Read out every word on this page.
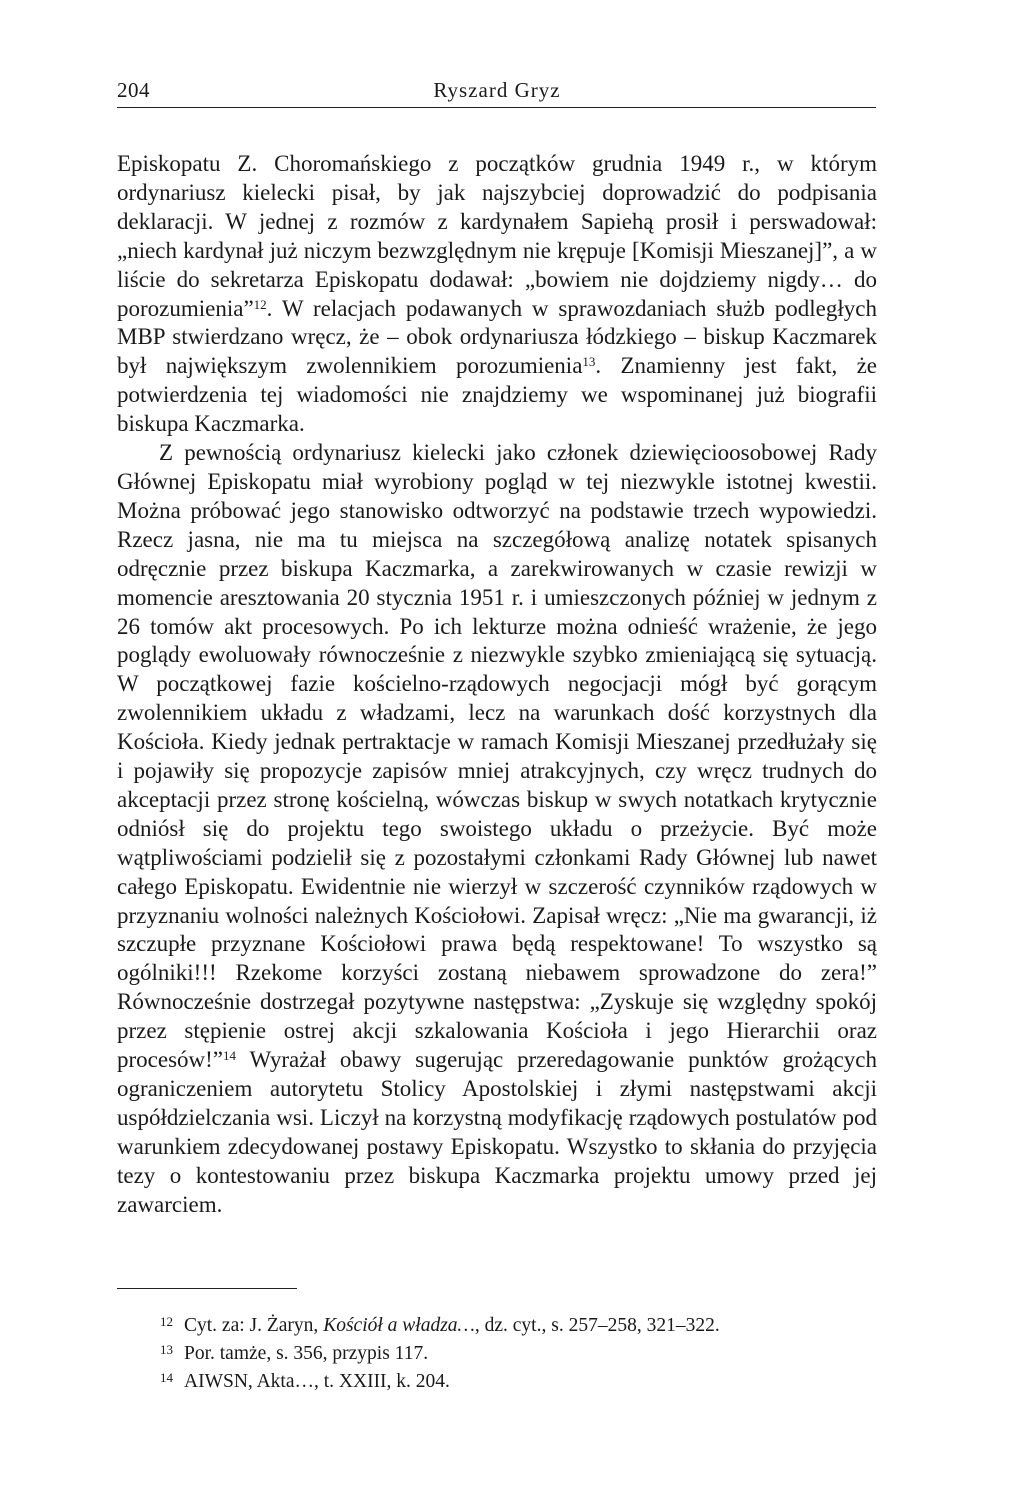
204	Ryszard Gryz

Episkopatu Z. Choromańskiego z początków grudnia 1949 r., w którym ordynariusz kielecki pisał, by jak najszybciej doprowadzić do podpisania deklaracji. W jednej z rozmów z kardynałem Sapiehą prosił i perswadował: „niech kardynał już niczym bezwzględnym nie krępuje [Komisji Mieszanej]”, a w liście do sekretarza Episkopatu dodawał: „bowiem nie dojdziemy nigdy… do porozumienia”$^{12}$. W relacjach podawanych w sprawozdaniach służb podległych MBP stwierdzano wręcz, że – obok ordynariusza łódzkiego – biskup Kaczmarek był największym zwolennikiem porozumienia$^{13}$. Znamienny jest fakt, że potwierdzenia tej wiadomości nie znajdziemy we wspominanej już biografii biskupa Kaczmarka.

Z pewnością ordynariusz kielecki jako członek dziewięcioosobowej Rady Głównej Episkopatu miał wyrobiony pogląd w tej niezwykle istotnej kwestii. Można próbować jego stanowisko odtworzyć na podstawie trzech wypowiedzi. Rzecz jasna, nie ma tu miejsca na szczegółową analizę notatek spisanych odręcznie przez biskupa Kaczmarka, a zarekwirowanych w czasie rewizji w momencie aresztowania 20 stycznia 1951 r. i umieszczonych później w jednym z 26 tomów akt procesowych. Po ich lekturze można odnieść wrażenie, że jego poglądy ewoluowały równocześnie z niezwykle szybko zmieniającą się sytuacją. W początkowej fazie kościelno-rządowych negocjacji mógł być gorącym zwolennikiem układu z władzami, lecz na warunkach dość korzystnych dla Kościoła. Kiedy jednak pertraktacje w ramach Komisji Mieszanej przedłużały się i pojawiły się propozycje zapisów mniej atrakcyjnych, czy wręcz trudnych do akceptacji przez stronę kościelną, wówczas biskup w swych notatkach krytycznie odniósł się do projektu tego swoistego układu o przeżycie. Być może wątpliwościami podzielił się z pozostałymi członkami Rady Głównej lub nawet całego Episkopatu. Ewidentnie nie wierzył w szczerość czynników rządowych w przyznaniu wolności należnych Kościołowi. Zapisał wręcz: „Nie ma gwarancji, iż szczupłe przyznane Kościołowi prawa będą respektowane! To wszystko są ogólniki!!! Rzekome korzyści zostaną niebawem sprowadzone do zera!” Równocześnie dostrzegał pozytywne następstwa: „Zyskuje się względny spokój przez stępienie ostrej akcji szkalowania Kościoła i jego Hierarchii oraz procesów!”$^{14}$ Wyrażał obawy sugerując przeredagowanie punktów grożących ograniczeniem autorytetu Stolicy Apostolskiej i złymi następstwami akcji uspółdzielczania wsi. Liczył na korzystną modyfikację rządowych postulatów pod warunkiem zdecydowanej postawy Episkopatu. Wszystko to skłania do przyjęcia tezy o kontestowaniu przez biskupa Kaczmarka projektu umowy przed jej zawarciem.

12 Cyt. za: J. Żaryn, Kościół a władza…, dz. cyt., s. 257–258, 321–322.
13 Por. tamże, s. 356, przypis 117.
14 AIWSN, Akta…, t. XXIII, k. 204.
